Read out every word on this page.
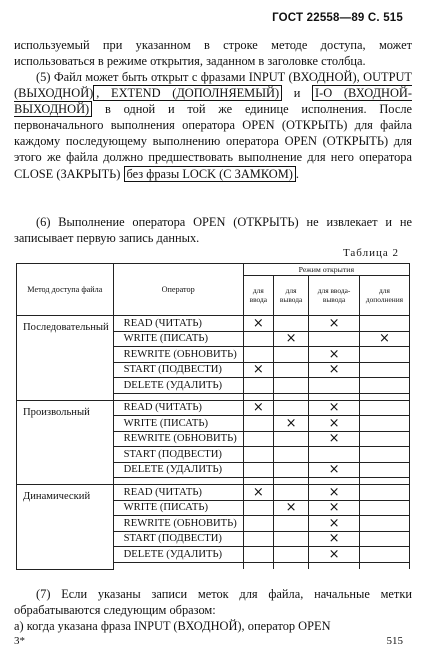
ГОСТ 22558—89 С. 515
используемый при указанном в строке методе доступа, может использоваться в режиме открытия, заданном в заголовке столбца.
(5) Файл может быть открыт с фразами INPUT (ВХОДНОЙ), OUTPUT (ВЫХОДНОЙ) , EXTEND (ДОПОЛНЯЕМЫЙ) и I-O (ВХОДНОЙ-ВЫХОДНОЙ) в одной и той же единице исполнения. После первоначального выполнения оператора OPEN (ОТКРЫТЬ) для файла каждому последующему выполнению оператора OPEN (ОТКРЫТЬ) для этого же файла должно предшествовать выполнение для него оператора CLOSE (ЗАКРЫТЬ) без фразы LOCK (С ЗАМКОМ) .
(6) Выполнение оператора OPEN (ОТКРЫТЬ) не извлекает и не записывает первую запись данных.
Таблица 2
Метод доступа файла	Оператор	Режим открытия			
		для ввода	для вывода	для ввода-вывода	для дополнения
Последовательный	READ (ЧИТАТЬ)	×		×	
	WRITE (ПИСАТЬ)		×		×
	REWRITE (ОБНОВИТЬ)			×	
	START (ПОДВЕСТИ)	×		×	
	DELETE (УДАЛИТЬ)				

Произвольный	READ (ЧИТАТЬ)	×		×	
	WRITE (ПИСАТЬ)		×	×	
	REWRITE (ОБНОВИТЬ)			×	
	START (ПОДВЕСТИ)				
	DELETE (УДАЛИТЬ)			×	

Динамический	READ (ЧИТАТЬ)	×		×	
	WRITE (ПИСАТЬ)		×	×	
	REWRITE (ОБНОВИТЬ)			×	
	START (ПОДВЕСТИ)			×	
	DELETE (УДАЛИТЬ)			×	

(7) Если указаны записи меток для файла, начальные метки обрабатываются следующим образом:
а) когда указана фраза INPUT (ВХОДНОЙ), оператор OPEN
3*	515
